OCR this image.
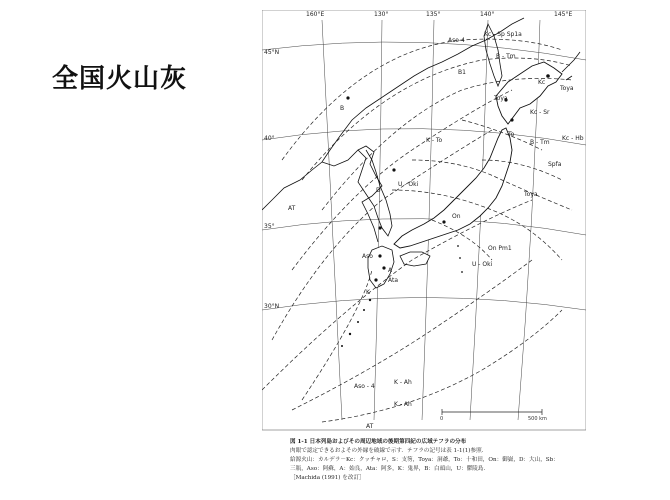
全国火山灰
160°E	130°	135°	140°	145°E
45°N
40°
35°
30°N
Aso-4
Kc - Sp Sp1a
B - Tm
B1
B
Kc
Toya
K - To
Kc - Sr
To
B - Tm
Kc - Hb
Spfa
Toya
Toya
AT
U - Oki
D
On
On Pm1
U - Oki
Aso
Ata
K
A
K - Ah
Aso - 4
K - Ah
AT
0	500 km
図 1-1 日本列島およびその周辺地域の後期第四紀の広域テフラの分布
肉眼で認定できるおよその外縁を破線で示す．テフラの記号は表 1-1(1)参照．
給源火山：カルデラ－Kc：クッチャロ，S：支笏，Toya：洞爺，To：十和田，On：御嶽，D：大山，Sb：
三瓶，Aso：阿蘇，A：始良，Ata：阿多，K：鬼界，B：白頭山，U：鬱陵島．
［Machida (1991) を改訂］
